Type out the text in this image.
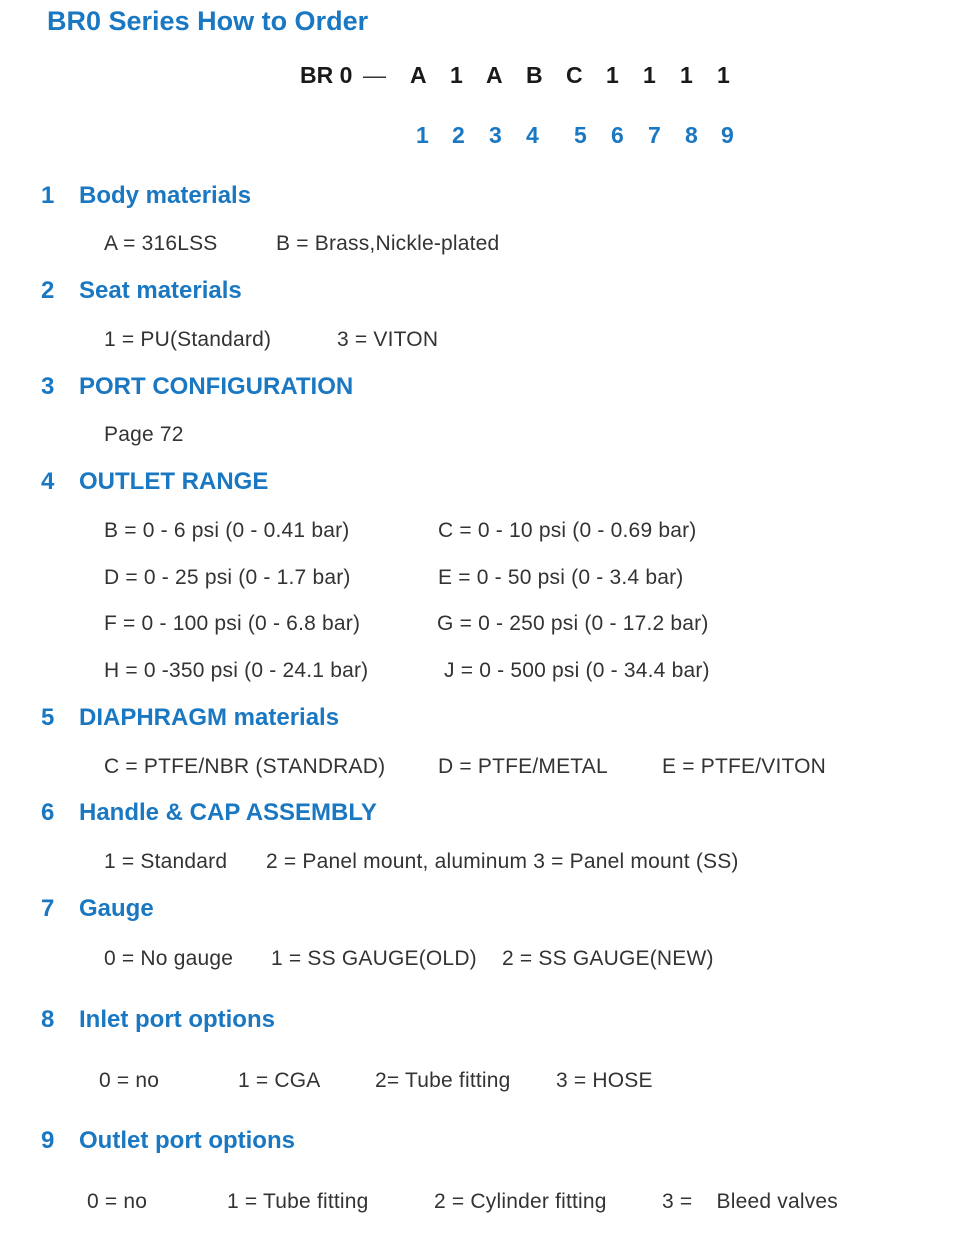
BR0 Series How to Order
BR 0 — A 1 A B C 1 1 1 1
1 2 3 4 5 6 7 8 9
1 Body materials
A = 316LSS	B = Brass,Nickle-plated
2 Seat materials
1 = PU(Standard)	3 = VITON
3 PORT CONFIGURATION
Page 72
4 OUTLET RANGE
B = 0 - 6 psi (0 - 0.41 bar)	C = 0 - 10 psi (0 - 0.69 bar)
D = 0 - 25 psi (0 - 1.7 bar)	E = 0 - 50 psi (0 - 3.4 bar)
F = 0 - 100 psi (0 - 6.8 bar)	G = 0 - 250 psi (0 - 17.2 bar)
H = 0 -350 psi (0 - 24.1 bar)	J = 0 - 500 psi (0 - 34.4 bar)
5 DIAPHRAGM materials
C = PTFE/NBR (STANDRAD)	D = PTFE/METAL	E = PTFE/VITON
6 Handle & CAP ASSEMBLY
1 = Standard 2 = Panel mount, aluminum 3 = Panel mount (SS)
7 Gauge
0 = No gauge 1 = SS GAUGE(OLD) 2 = SS GAUGE(NEW)
8 Inlet port options
0 = no	1 = CGA	2= Tube fitting 3 = HOSE
9 Outlet port options
0 = no	1 = Tube fitting	2 = Cylinder fitting	3 =    Bleed valves
